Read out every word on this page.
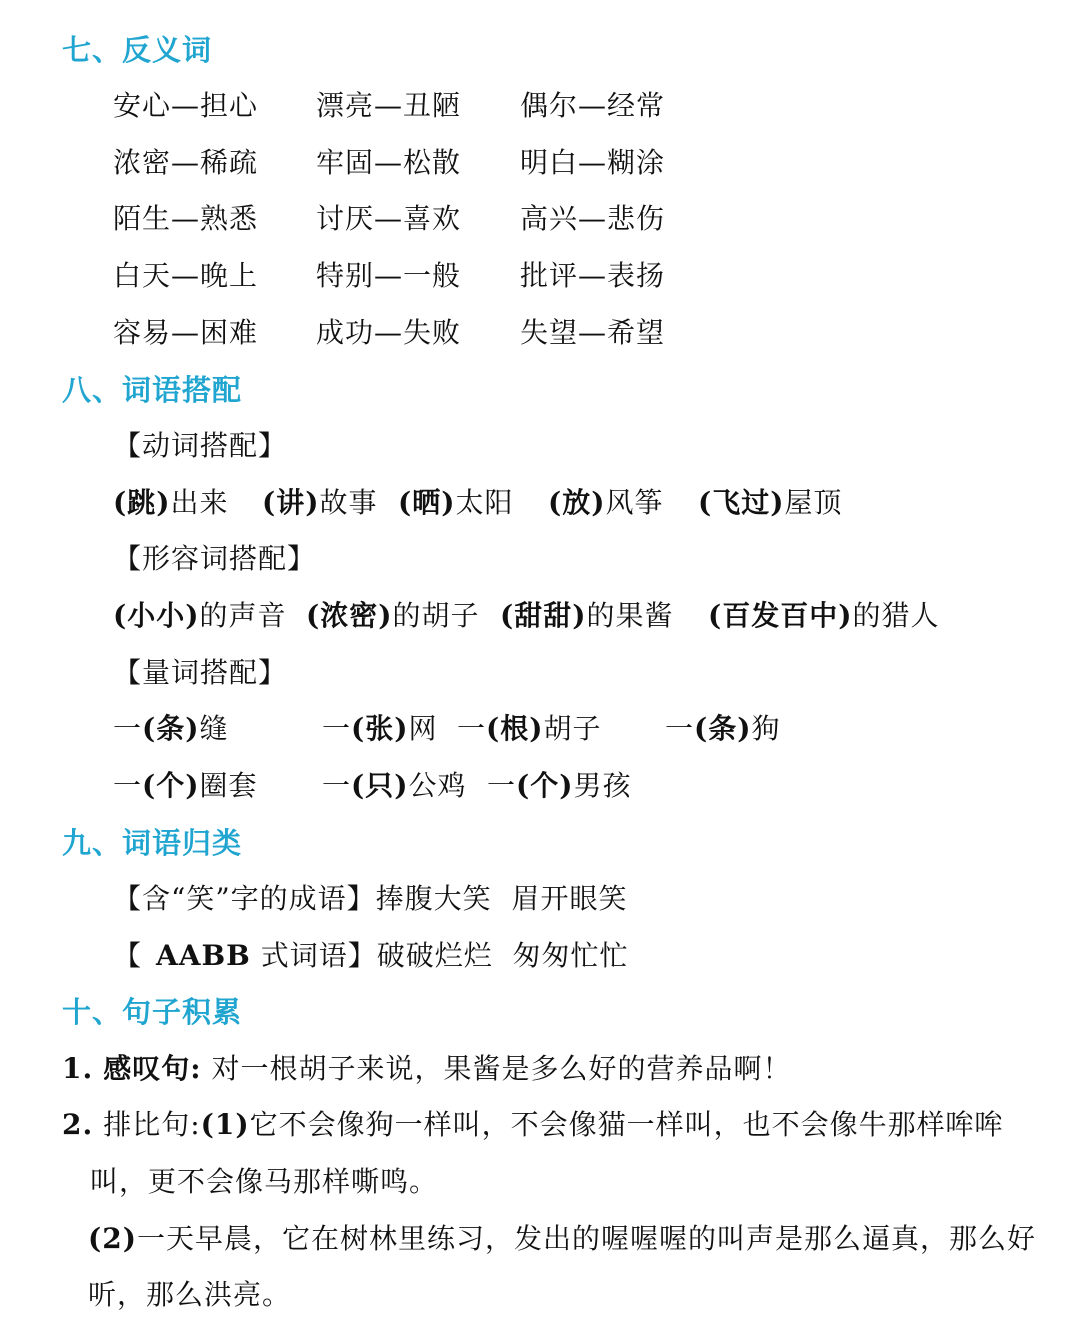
七、反义词
安心—担心 漂亮—丑陋 偶尔—经常
浓密—稀疏 牢固—松散 明白—糊涂
陌生—熟悉 讨厌—喜欢 高兴—悲伤
白天—晚上 特别—一般 批评—表扬
容易—困难 成功—失败 失望—希望
八、词语搭配
【动词搭配】
(跳)出来 (讲)故事 (晒)太阳 (放)风筝 (飞过)屋顶
【形容词搭配】
(小小)的声音 (浓密)的胡子 (甜甜)的果酱 (百发百中)的猎人
【量词搭配】
一(条)缝	一(张)网 一(根)胡子 一(条)狗
一(个)圈套 一(只)公鸡 一(个)男孩
九、词语归类
【含“笑”字的成语】捧腹大笑  眉开眼笑
【 AABB 式词语】破破烂烂  匆匆忙忙
十、句子积累
1. 感叹句: 对一根胡子来说，果酱是多么好的营养品啊！
2. 排比句:(1)它不会像狗一样叫，不会像猫一样叫，也不会像牛那样哞哞
叫，更不会像马那样嘶鸣。
(2)一天早晨，它在树林里练习，发出的喔喔喔的叫声是那么逼真，那么好
听，那么洪亮。
